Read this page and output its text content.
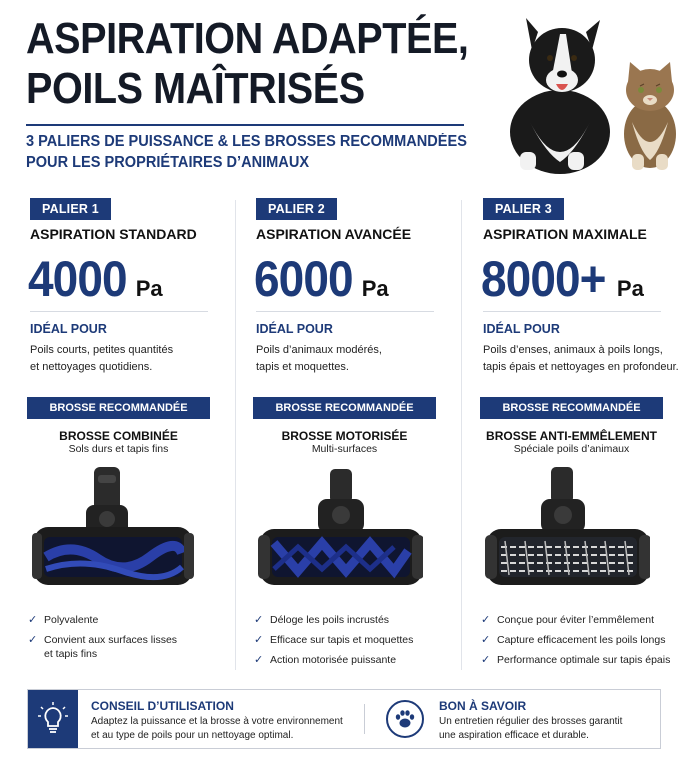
ASPIRATION ADAPTÉE,
POILS MAÎTRISÉS
3 PALIERS DE PUISSANCE & LES BROSSES RECOMMANDÉES
POUR LES PROPRIÉTAIRES D’ANIMAUX
PALIER 1
ASPIRATION STANDARD
4000 Pa
IDÉAL POUR
Poils courts, petites quantités
et nettoyages quotidiens.
BROSSE RECOMMANDÉE
BROSSE COMBINÉE
Sols durs et tapis fins
✓ Polyvalente
✓ Convient aux surfaces lisses
et tapis fins
PALIER 2
ASPIRATION AVANCÉE
6000 Pa
IDÉAL POUR
Poils d’animaux modérés,
tapis et moquettes.
BROSSE RECOMMANDÉE
BROSSE MOTORISÉE
Multi-surfaces
✓ Déloge les poils incrustés
✓ Efficace sur tapis et moquettes
✓ Action motorisée puissante
PALIER 3
ASPIRATION MAXIMALE
8000+ Pa
IDÉAL POUR
Poils d’enses, animaux à poils longs,
tapis épais et nettoyages en profondeur.
BROSSE RECOMMANDÉE
BROSSE ANTI-EMMÊLEMENT
Spéciale poils d’animaux
✓ Conçue pour éviter l’emmêlement
✓ Capture efficacement les poils longs
✓ Performance optimale sur tapis épais
CONSEIL D’UTILISATION
Adaptez la puissance et la brosse à votre environnement
et au type de poils pour un nettoyage optimal.
BON À SAVOIR
Un entretien régulier des brosses garantit
une aspiration efficace et durable.
